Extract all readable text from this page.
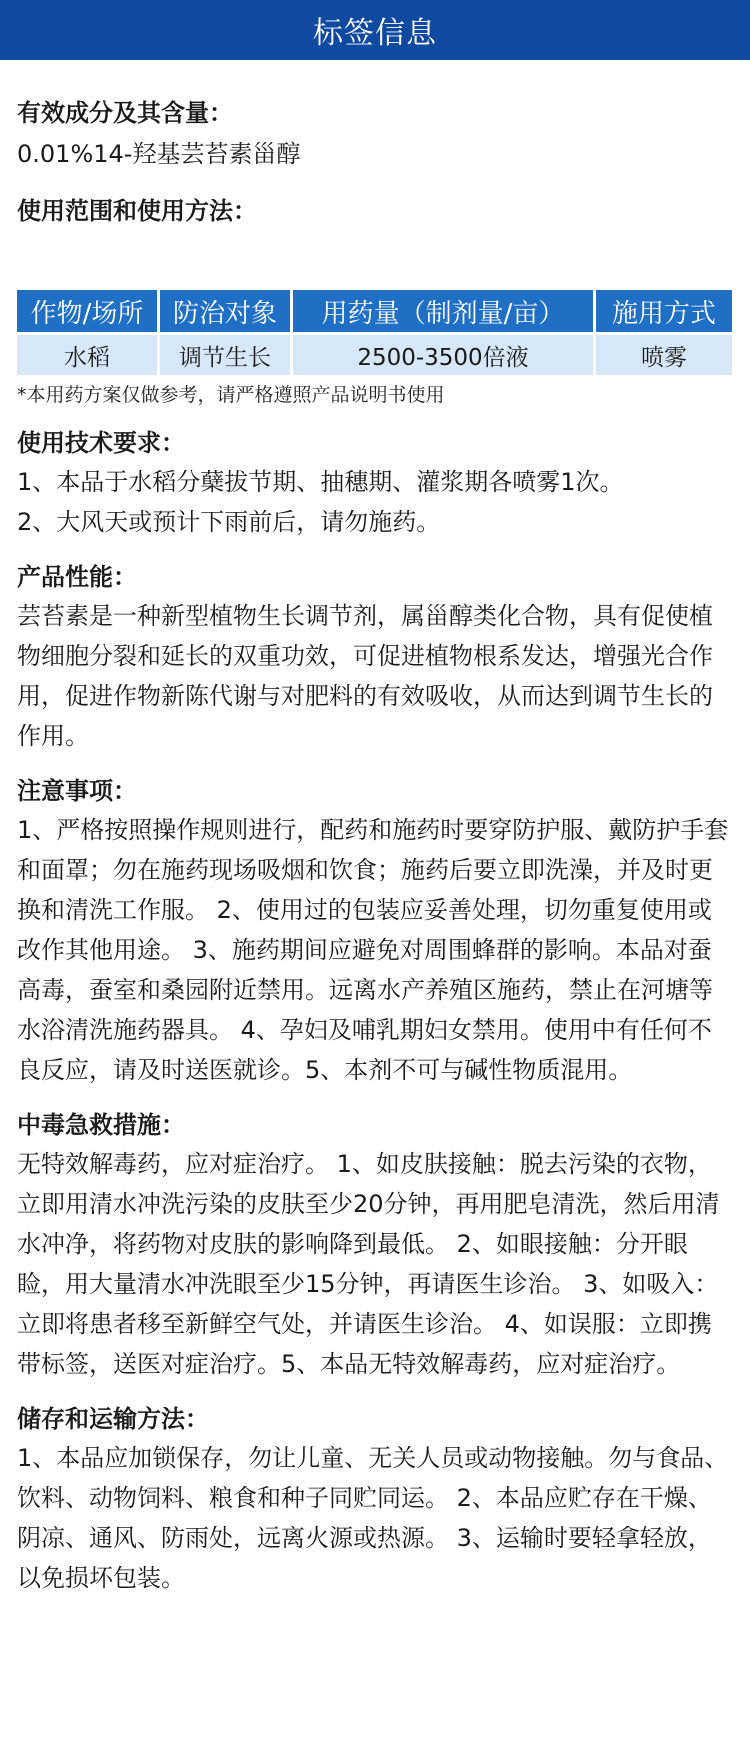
标签信息

有效成分及其含量：

0.01%14-羟基芸苔素甾醇

使用范围和使用方法：

作物/场所	防治对象	用药量（制剂量/亩）	施用方式
水稻	调节生长	2500-3500倍液	喷雾

*本用药方案仅做参考，请严格遵照产品说明书使用

使用技术要求：

1、本品于水稻分蘖拔节期、抽穗期、灌浆期各喷雾1次。

2、大风天或预计下雨前后，请勿施药。

产品性能：

芸苔素是一种新型植物生长调节剂，属甾醇类化合物，具有促使植物细胞分裂和延长的双重功效，可促进植物根系发达，增强光合作用，促进作物新陈代谢与对肥料的有效吸收，从而达到调节生长的作用。

注意事项：

1、严格按照操作规则进行，配药和施药时要穿防护服、戴防护手套和面罩；勿在施药现场吸烟和饮食；施药后要立即洗澡，并及时更换和清洗工作服。 2、使用过的包装应妥善处理，切勿重复使用或改作其他用途。 3、施药期间应避免对周围蜂群的影响。本品对蚕高毒，蚕室和桑园附近禁用。远离水产养殖区施药，禁止在河塘等水浴清洗施药器具。 4、孕妇及哺乳期妇女禁用。使用中有任何不良反应，请及时送医就诊。5、本剂不可与碱性物质混用。

中毒急救措施：

无特效解毒药，应对症治疗。 1、如皮肤接触：脱去污染的衣物，立即用清水冲洗污染的皮肤至少20分钟，再用肥皂清洗，然后用清水冲净，将药物对皮肤的影响降到最低。 2、如眼接触：分开眼睑，用大量清水冲洗眼至少15分钟，再请医生诊治。 3、如吸入：立即将患者移至新鲜空气处，并请医生诊治。 4、如误服：立即携带标签，送医对症治疗。5、本品无特效解毒药，应对症治疗。

储存和运输方法：

1、本品应加锁保存，勿让儿童、无关人员或动物接触。勿与食品、饮料、动物饲料、粮食和种子同贮同运。 2、本品应贮存在干燥、阴凉、通风、防雨处，远离火源或热源。 3、运输时要轻拿轻放，以免损坏包装。
